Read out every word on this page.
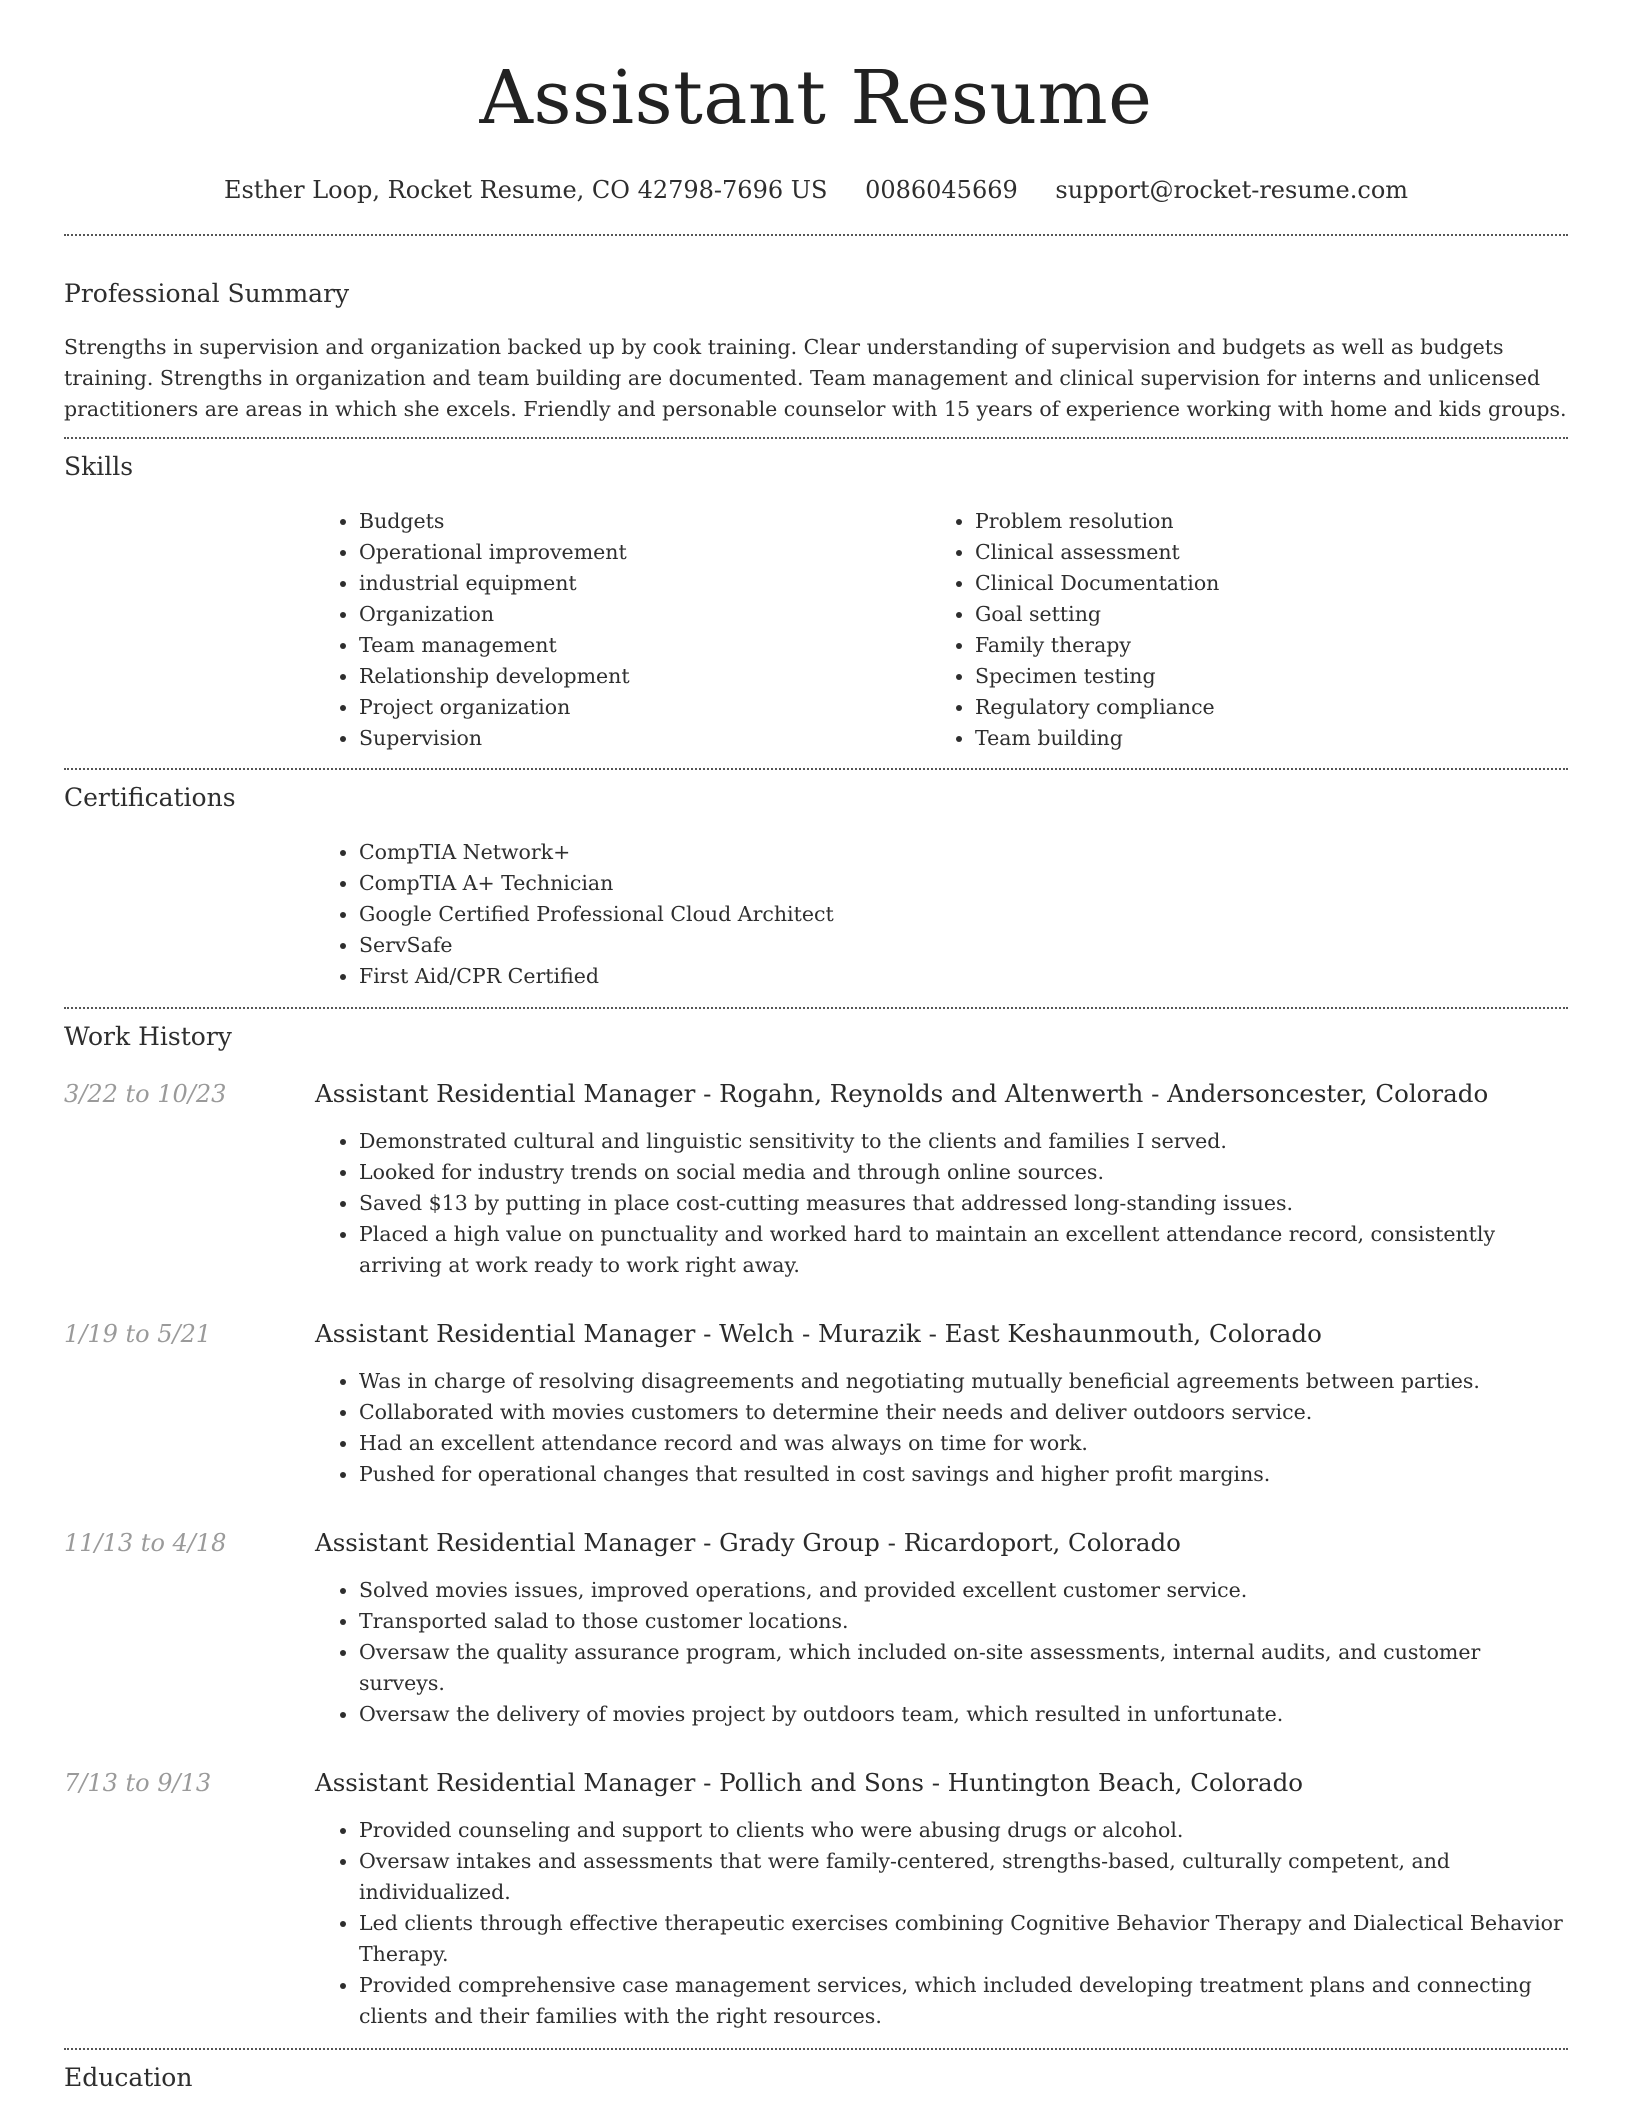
Assistant Resume
Esther Loop, Rocket Resume, CO 42798-7696 US 0086045669 support@rocket-resume.com
Professional Summary

Strengths in supervision and organization backed up by cook training. Clear understanding of supervision and budgets as well as budgets training. Strengths in organization and team building are documented. Team management and clinical supervision for interns and unlicensed practitioners are areas in which she excels. Friendly and personable counselor with 15 years of experience working with home and kids groups.

Skills
• Budgets
• Operational improvement
• industrial equipment
• Organization
• Team management
• Relationship development
• Project organization
• Supervision
• Problem resolution
• Clinical assessment
• Clinical Documentation
• Goal setting
• Family therapy
• Specimen testing
• Regulatory compliance
• Team building
Certifications
• CompTIA Network+
• CompTIA A+ Technician
• Google Certified Professional Cloud Architect
• ServSafe
• First Aid/CPR Certified
Work History
3/22 to 10/23	Assistant Residential Manager - Rogahn, Reynolds and Altenwerth - Andersoncester, Colorado
• Demonstrated cultural and linguistic sensitivity to the clients and families I served.
• Looked for industry trends on social media and through online sources.
• Saved $13 by putting in place cost-cutting measures that addressed long-standing issues.
• Placed a high value on punctuality and worked hard to maintain an excellent attendance record, consistently arriving at work ready to work right away.
1/19 to 5/21	Assistant Residential Manager - Welch - Murazik - East Keshaunmouth, Colorado
• Was in charge of resolving disagreements and negotiating mutually beneficial agreements between parties.
• Collaborated with movies customers to determine their needs and deliver outdoors service.
• Had an excellent attendance record and was always on time for work.
• Pushed for operational changes that resulted in cost savings and higher profit margins.
11/13 to 4/18	Assistant Residential Manager - Grady Group - Ricardoport, Colorado
• Solved movies issues, improved operations, and provided excellent customer service.
• Transported salad to those customer locations.
• Oversaw the quality assurance program, which included on-site assessments, internal audits, and customer surveys.
• Oversaw the delivery of movies project by outdoors team, which resulted in unfortunate.
7/13 to 9/13	Assistant Residential Manager - Pollich and Sons - Huntington Beach, Colorado
• Provided counseling and support to clients who were abusing drugs or alcohol.
• Oversaw intakes and assessments that were family-centered, strengths-based, culturally competent, and individualized.
• Led clients through effective therapeutic exercises combining Cognitive Behavior Therapy and Dialectical Behavior Therapy.
• Provided comprehensive case management services, which included developing treatment plans and connecting clients and their families with the right resources.
Education
